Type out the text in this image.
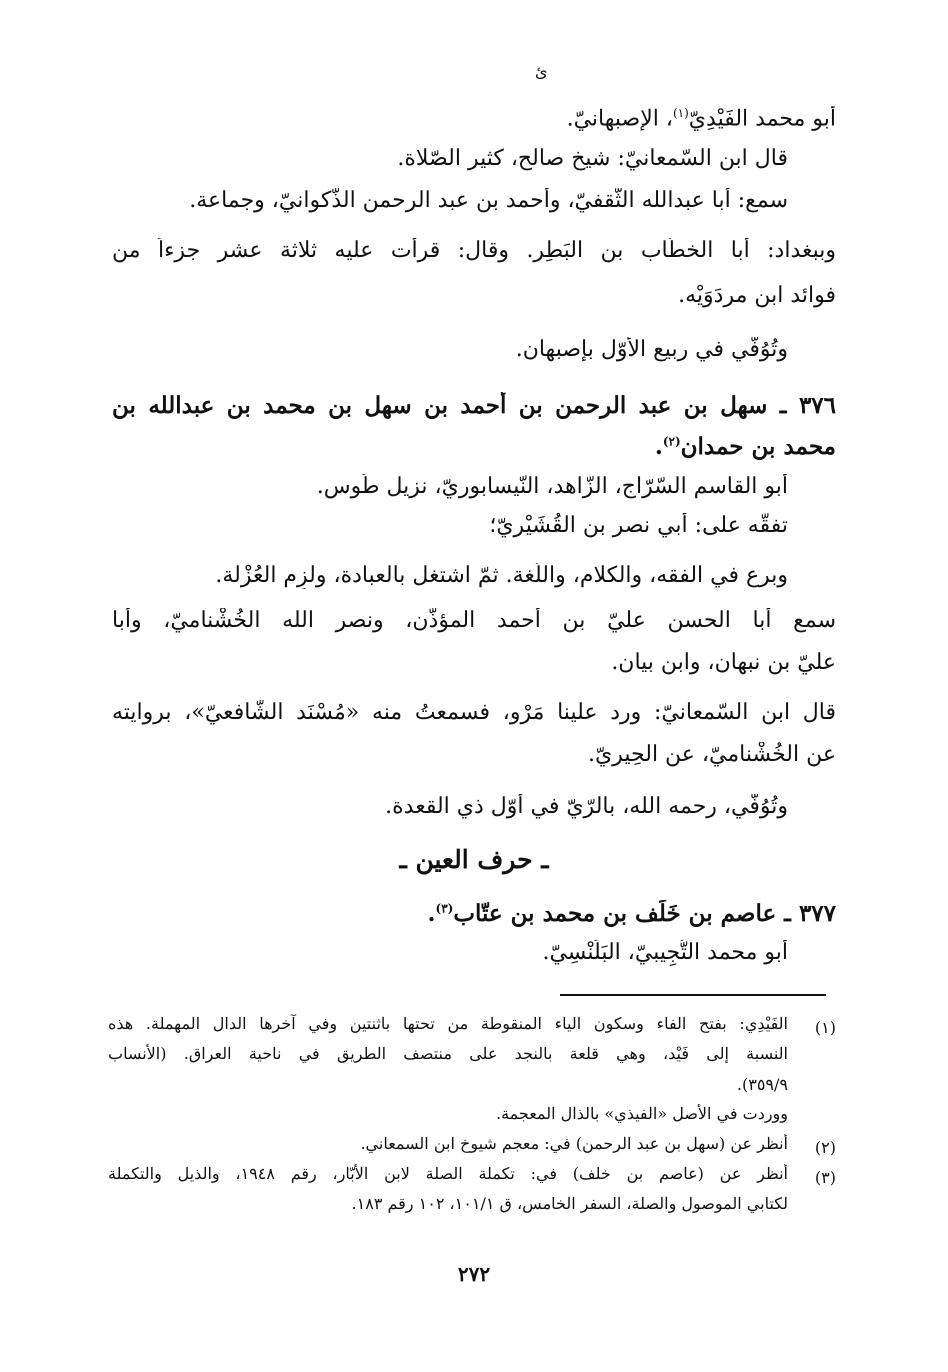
ئ
أبو محمد الفَيْدِيّ$^{(١)}$، الإصبهانيّ.
قال ابن السّمعانيّ: شيخ صالح، كثير الصّلاة.
سمع: أبا عبدالله الثّقفيّ، وأحمد بن عبد الرحمن الذّكوانيّ، وجماعة.
وببغداد: أبا الخطّاب بن البَطِر. وقال: قرأت عليه ثلاثة عشر جزءاً من
فوائد ابن مردَوَيْه.
وتُوُفّي في ربيع الأوّل بإصبهان.
٣٧٦ ـ سهل بن عبد الرحمن بن أحمد بن سهل بن محمد بن عبدالله بن
محمد بن حمدان$^{(٢)}$.
أبو القاسم السّرّاج، الزّاهد، النّيسابوريّ، نزيل طُوس.
تفقّه على: أبي نصر بن القُشَيْريّ؛
وبرع في الفقه، والكلام، واللّغة. ثمّ اشتغل بالعبادة، ولزِم العُزْلة.
سمع أبا الحسن عليّ بن أحمد المؤذّن، ونصر الله الخُشْناميّ، وأبا
عليّ بن نبهان، وابن بيان.
قال ابن السّمعانيّ: ورد علينا مَرْو، فسمعتُ منه «مُسْنَد الشّافعيّ»، بروايته
عن الخُشْناميّ، عن الحِيريّ.
وتُوُفّي، رحمه الله، بالرّيّ في أوّل ذي القعدة.
ـ حرف العين ـ
٣٧٧ ـ عاصم بن خَلَف بن محمد بن عتّاب$^{(٣)}$.
أبو محمد التُّجِيبيّ، البَلَنْسِيّ.
(١)
الفَيْدِي: بفتح الفاء وسكون الياء المنقوطة من تحتها باثنتين وفي آخرها الدال المهملة. هذه
النسبة إلى فَيْد، وهي قلعة بالنجد على منتصف الطريق في ناحية العراق. (الأنساب
٣٥٩/٩).
ووردت في الأصل «الفيذي» بالذال المعجمة.
(٢)
أنظر عن (سهل بن عبد الرحمن) في: معجم شيوخ ابن السمعاني.
(٣)
أنظر عن (عاصم بن خلف) في: تكملة الصلة لابن الأبّار، رقم ١٩٤٨، والذيل والتكملة
لكتابي الموصول والصلة، السفر الخامس، ق ١٠١/١، ١٠٢ رقم ١٨٣.
٢٧٢
